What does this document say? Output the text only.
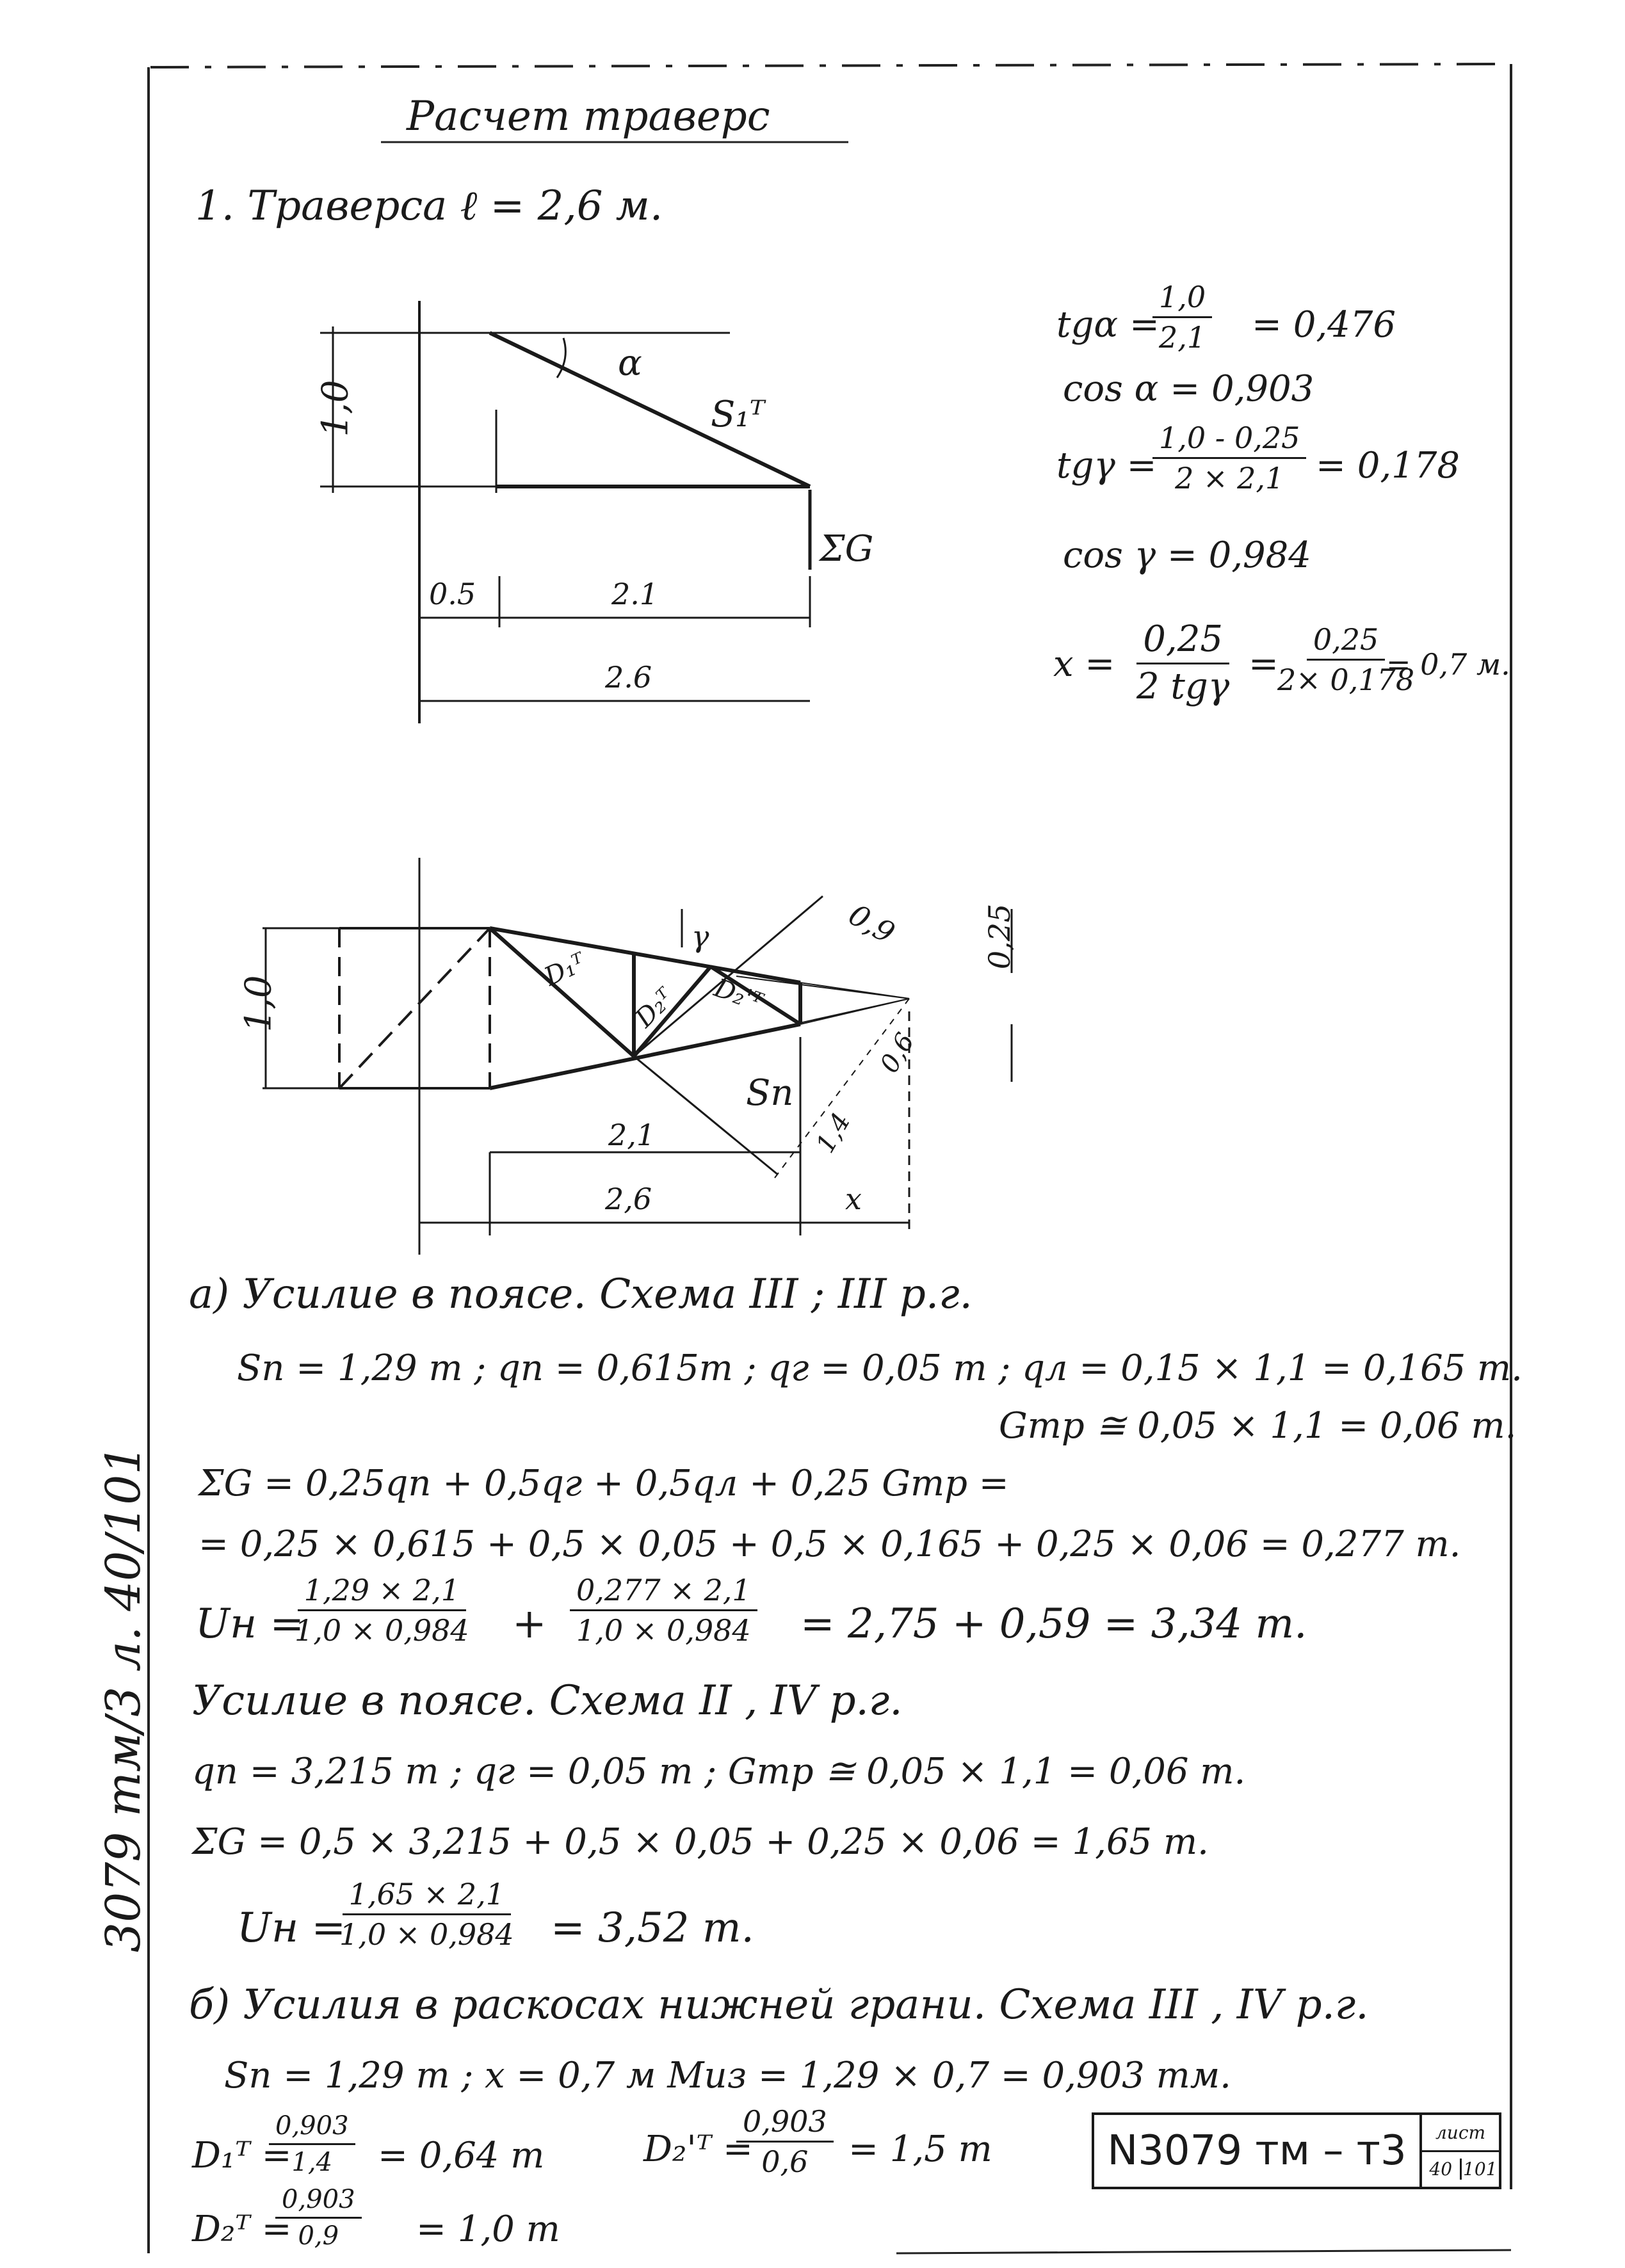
Расчет траверс
1. Траверса ℓ = 2,6 м.
1,0
α
S₁ᵀ
ΣG
0.5	2.1
2.6
tgα =
$\frac{1,0}{2,1} = 0,476$
cos α = 0,903
tgγ =
$\frac{1,0 - 0,25}{2 \times 2,1} = 0,178$
cos γ = 0,984
x =
0,25
2 tgγ
=
$\frac{0,25}{2\times 0,178}$
= 0,7 м.
1,0
D₁ᵀ
D₂ᵀ D₂'ᵀ
γ	0,9	0,25
0,6
Sп
1,4
2,1
2,6	x
а) Усилие в поясе. Схема III ; III р.г.
Sп = 1,29 т ; qп = 0,615т ; qг = 0,05 т ; qл = 0,15 × 1,1 = 0,165 т.
Gтр ≅ 0,05 × 1,1 = 0,06 т.
ΣG = 0,25qп + 0,5qг + 0,5qл + 0,25 Gтр =
= 0,25 × 0,615 + 0,5 × 0,05 + 0,5 × 0,165 + 0,25 × 0,06 = 0,277 т.
Uн =
$\frac{1,29 \times 2,1}{1,0 \times 0,984} + \frac{0,277 \times 2,1}{1,0 \times 0,984} = 2,75 + 0,59 = 3,34$ т.
Усилие в поясе. Схема II , IV р.г.
qп = 3,215 т ; qг = 0,05 т ; Gтр ≅ 0,05 × 1,1 = 0,06 т.
ΣG = 0,5 × 3,215 + 0,5 × 0,05 + 0,25 × 0,06 = 1,65 т.
Uн =
$\frac{1,65 \times 2,1}{1,0 \times 0,984} = 3,52$ т.
б) Усилия в раскосах нижней грани. Схема III , IV р.г.
Sп = 1,29 т ; x = 0,7 м Mиз = 1,29 × 0,7 = 0,903 тм.
D₁ᵀ =
$\frac{0,903}{1,4} = 0,64$ т	D₂'ᵀ =
$\frac{0,903}{0,6} = 1,5$ т
D₂ᵀ =
$\frac{0,903}{0,9} = 1,0$ т
N3079 тм – т3	лист
40 101
3079 тм/3 л. 40/101
